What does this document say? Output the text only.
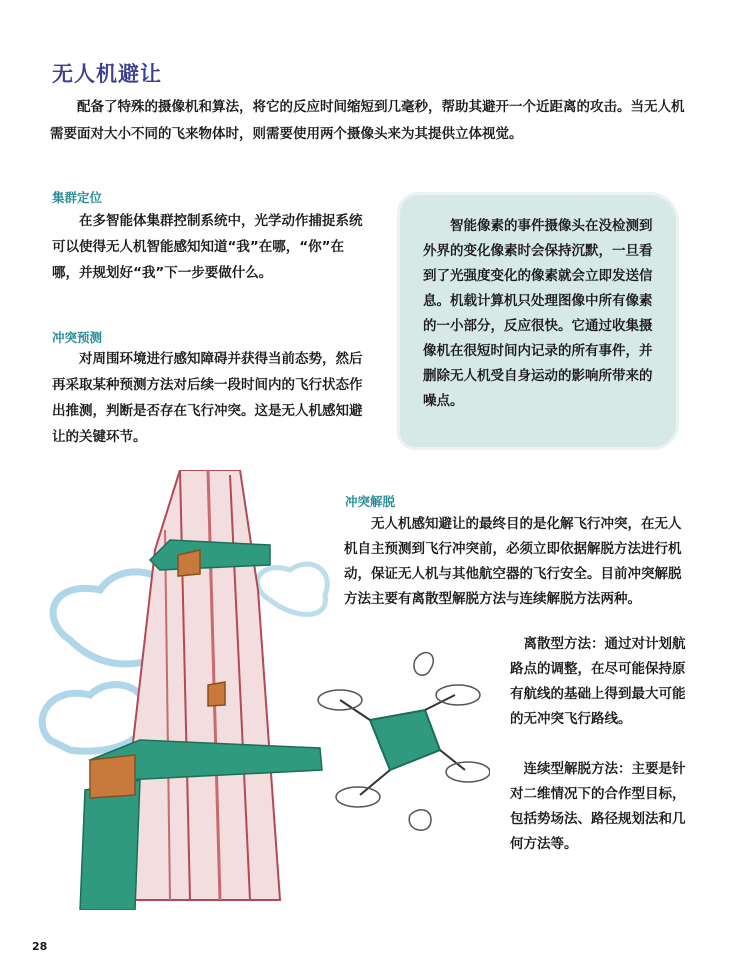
无人机避让

配备了特殊的摄像机和算法，将它的反应时间缩短到几毫秒，帮助其避开一个近距离的攻击。当无人机需要面对大小不同的飞来物体时，则需要使用两个摄像头来为其提供立体视觉。

集群定位

在多智能体集群控制系统中，光学动作捕捉系统可以使得无人机智能感知知道“我”在哪，“你”在哪，并规划好“我”下一步要做什么。

冲突预测

对周围环境进行感知障碍并获得当前态势，然后再采取某种预测方法对后续一段时间内的飞行状态作出推测，判断是否存在飞行冲突。这是无人机感知避让的关键环节。

智能像素的事件摄像头在没检测到外界的变化像素时会保持沉默，一旦看到了光强度变化的像素就会立即发送信息。机载计算机只处理图像中所有像素的一小部分，反应很快。它通过收集摄像机在很短时间内记录的所有事件，并删除无人机受自身运动的影响所带来的噪点。

冲突解脱

无人机感知避让的最终目的是化解飞行冲突，在无人机自主预测到飞行冲突前，必须立即依据解脱方法进行机动，保证无人机与其他航空器的飞行安全。目前冲突解脱方法主要有离散型解脱方法与连续解脱方法两种。

离散型方法：通过对计划航路点的调整，在尽可能保持原有航线的基础上得到最大可能的无冲突飞行路线。

连续型解脱方法：主要是针对二维情况下的合作型目标，包括势场法、路径规划法和几何方法等。

28
